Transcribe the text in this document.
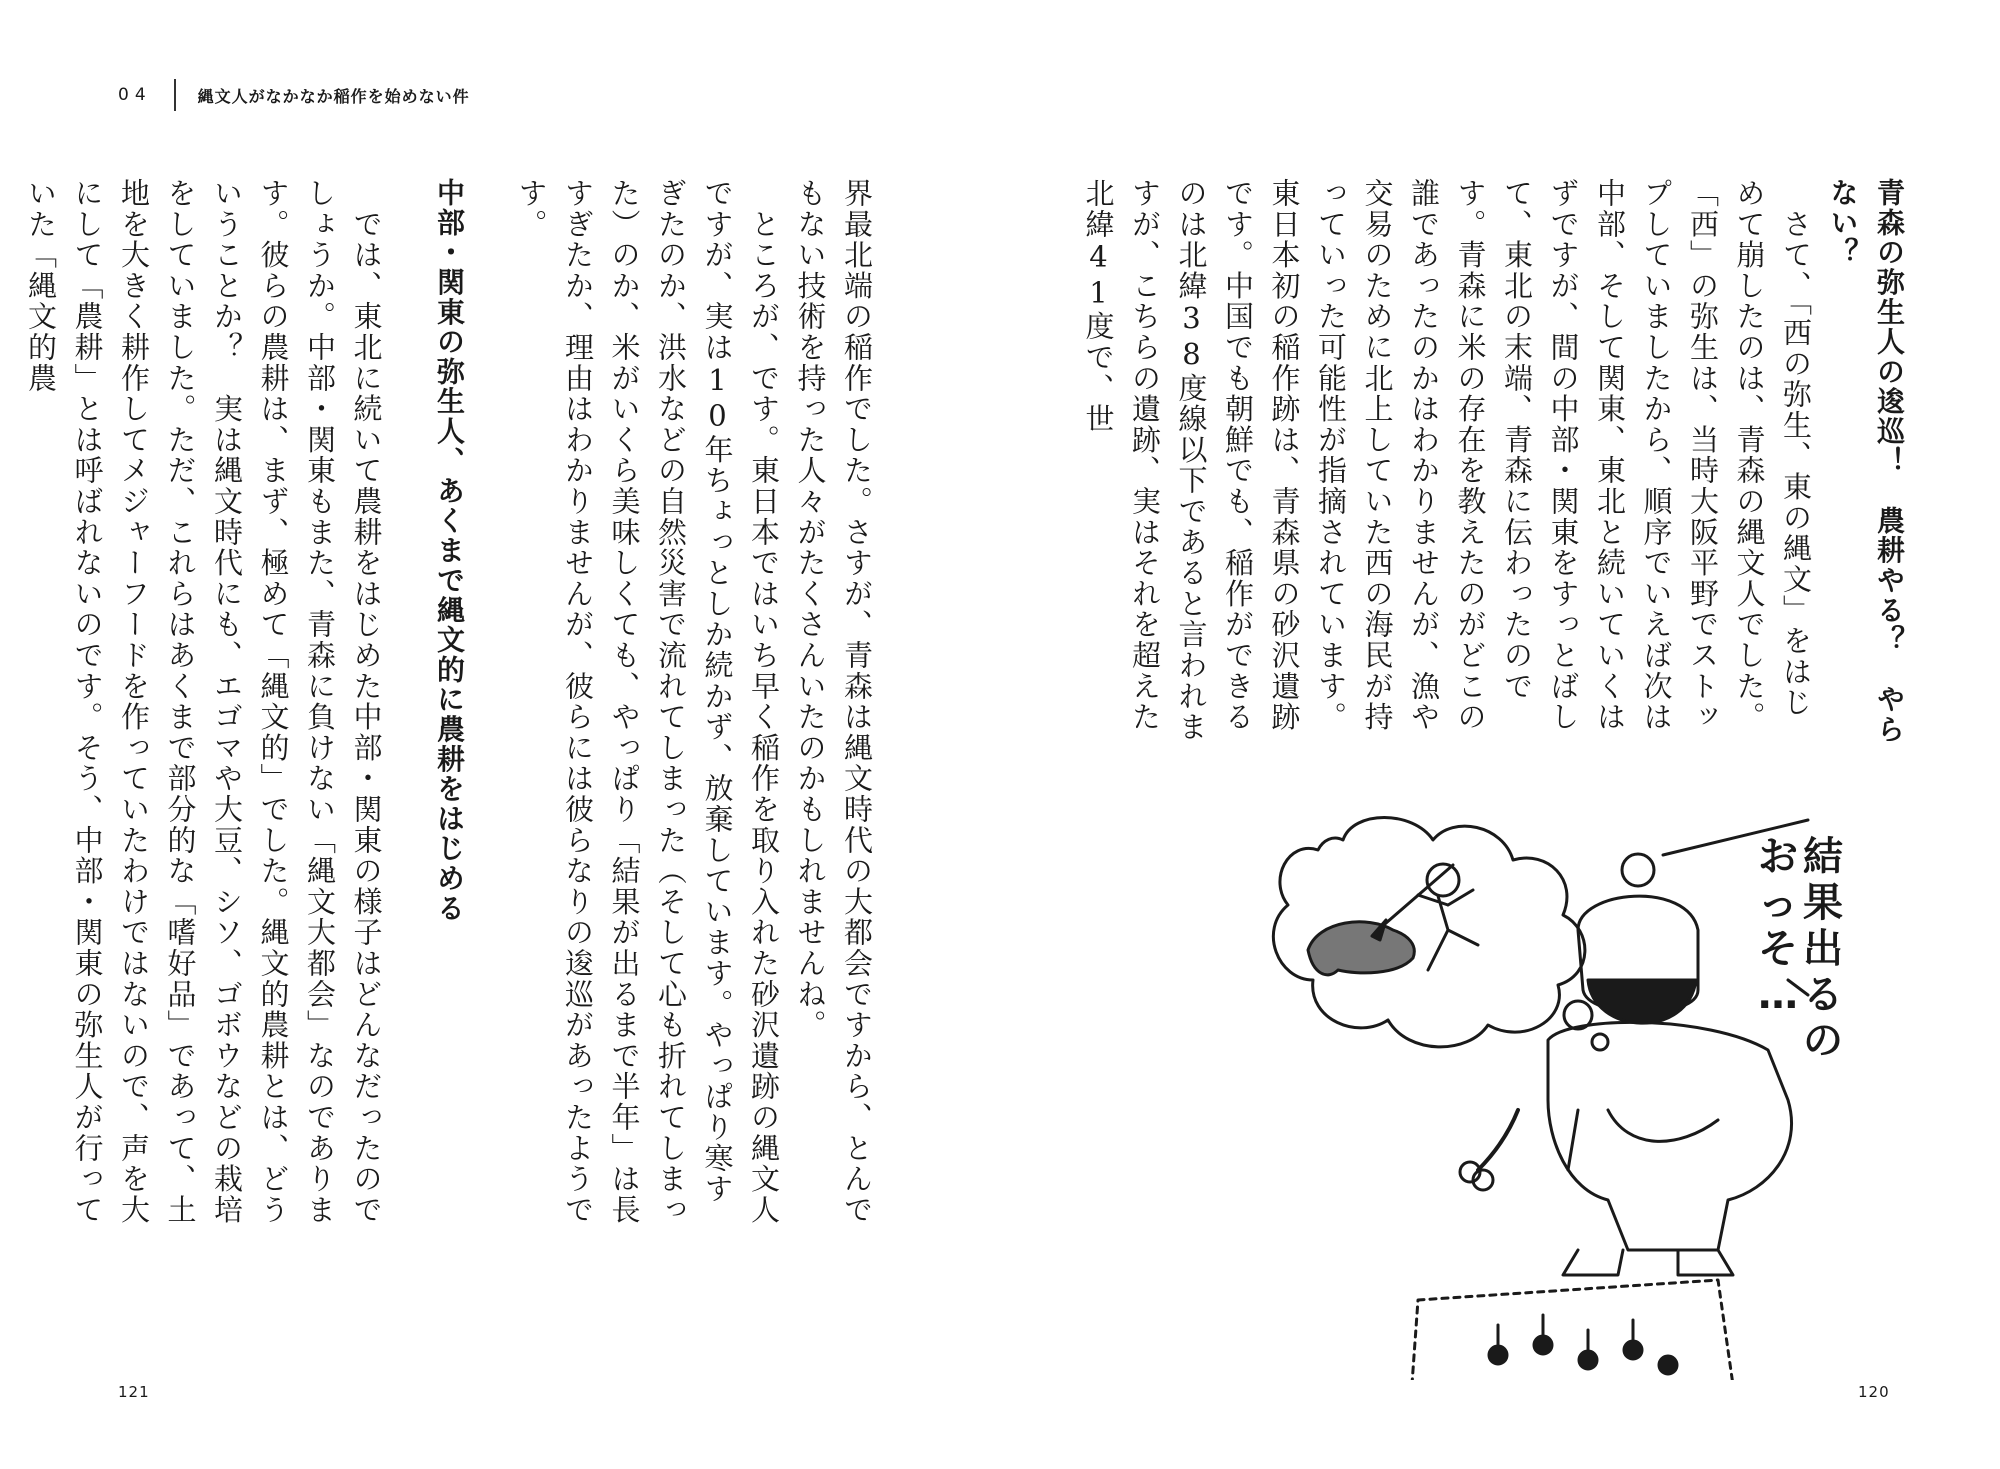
04	縄文人がなかなか稲作を始めない件
青森の弥生人の逡巡！　農耕やる？　やらない？

　さて、「西の弥生、東の縄文」をはじめて崩したのは、青森の縄文人でした。「西」の弥生は、当時大阪平野でストップしていましたから、順序でいえば次は中部、そして関東、東北と続いていくはずですが、間の中部・関東をすっとばして、東北の末端、青森に伝わったのです。青森に米の存在を教えたのがどこの誰であったのかはわかりませんが、漁や交易のために北上していた西の海民が持っていった可能性が指摘されています。東日本初の稲作跡は、青森県の砂沢遺跡です。中国でも朝鮮でも、稲作ができるのは北緯38度線以下であると言われますが、こちらの遺跡、実はそれを超えた北緯41度で、世

界最北端の稲作でした。さすが、青森は縄文時代の大都会ですから、とんでもない技術を持った人々がたくさんいたのかもしれませんね。

　ところが、です。東日本ではいち早く稲作を取り入れた砂沢遺跡の縄文人ですが、実は10年ちょっとしか続かず、放棄しています。やっぱり寒すぎたのか、洪水などの自然災害で流れてしまった（そして心も折れてしまった）のか、米がいくら美味しくても、やっぱり「結果が出るまで半年」は長すぎたか、理由はわかりませんが、彼らには彼らなりの逡巡があったようです。

中部・関東の弥生人、あくまで縄文的に農耕をはじめる

　では、東北に続いて農耕をはじめた中部・関東の様子はどんなだったのでしょうか。中部・関東もまた、青森に負けない「縄文大都会」なのであります。彼らの農耕は、まず、極めて「縄文的」でした。縄文的農耕とは、どういうことか？　実は縄文時代にも、エゴマや大豆、シソ、ゴボウなどの栽培をしていました。ただ、これらはあくまで部分的な「嗜好品」であって、土地を大きく耕作してメジャーフードを作っていたわけではないので、声を大にして「農耕」とは呼ばれないのです。そう、中部・関東の弥生人が行っていた「縄文的農

結果出るの
おっそ…
120
121
